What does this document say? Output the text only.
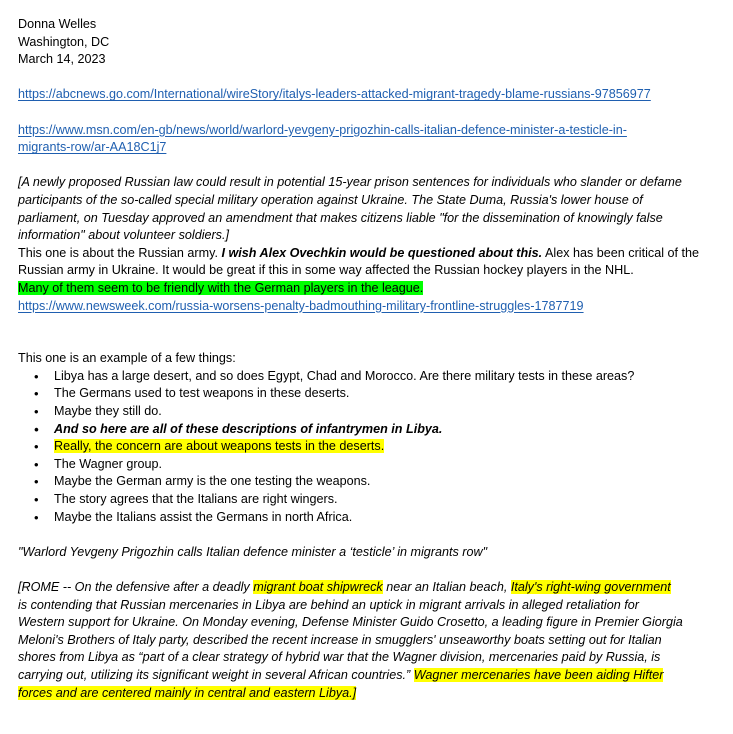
Donna Welles
Washington, DC
March 14, 2023
https://abcnews.go.com/International/wireStory/italys-leaders-attacked-migrant-tragedy-blame-russians-97856977
https://www.msn.com/en-gb/news/world/warlord-yevgeny-prigozhin-calls-italian-defence-minister-a-testicle-in-
migrants-row/ar-AA18C1j7
[A newly proposed Russian law could result in potential 15-year prison sentences for individuals who slander or defame
participants of the so-called special military operation against Ukraine. The State Duma, Russia's lower house of
parliament, on Tuesday approved an amendment that makes citizens liable "for the dissemination of knowingly false
information" about volunteer soldiers.]
This one is about the Russian army. I wish Alex Ovechkin would be questioned about this. Alex has been critical of the
Russian army in Ukraine. It would be great if this in some way affected the Russian hockey players in the NHL.
Many of them seem to be friendly with the German players in the league.
https://www.newsweek.com/russia-worsens-penalty-badmouthing-military-frontline-struggles-1787719
This one is an example of a few things:
• Libya has a large desert, and so does Egypt, Chad and Morocco. Are there military tests in these areas?
• The Germans used to test weapons in these deserts.
• Maybe they still do.
• And so here are all of these descriptions of infantrymen in Libya.
• Really, the concern are about weapons tests in the deserts.
• The Wagner group.
• Maybe the German army is the one testing the weapons.
• The story agrees that the Italians are right wingers.
• Maybe the Italians assist the Germans in north Africa.
"Warlord Yevgeny Prigozhin calls Italian defence minister a ‘testicle’ in migrants row"
[ROME -- On the defensive after a deadly migrant boat shipwreck near an Italian beach, Italy's right-wing government
is contending that Russian mercenaries in Libya are behind an uptick in migrant arrivals in alleged retaliation for
Western support for Ukraine. On Monday evening, Defense Minister Guido Crosetto, a leading figure in Premier Giorgia
Meloni's Brothers of Italy party, described the recent increase in smugglers' unseaworthy boats setting out for Italian
shores from Libya as “part of a clear strategy of hybrid war that the Wagner division, mercenaries paid by Russia, is
carrying out, utilizing its significant weight in several African countries.” Wagner mercenaries have been aiding Hifter
forces and are centered mainly in central and eastern Libya.]
